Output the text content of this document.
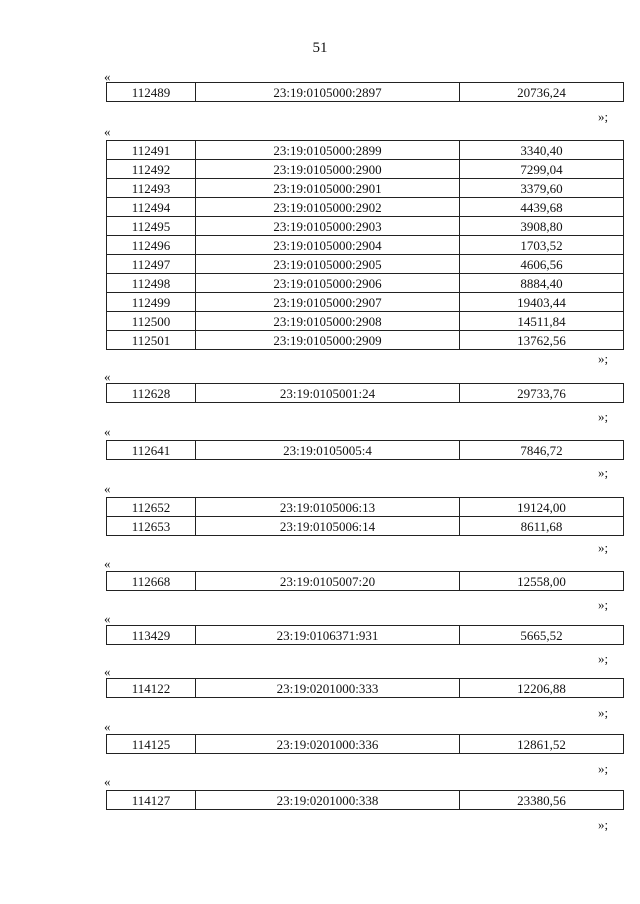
51
«
112489	23:19:0105000:2897	20736,24
»;
«
112491	23:19:0105000:2899	3340,40
112492	23:19:0105000:2900	7299,04
112493	23:19:0105000:2901	3379,60
112494	23:19:0105000:2902	4439,68
112495	23:19:0105000:2903	3908,80
112496	23:19:0105000:2904	1703,52
112497	23:19:0105000:2905	4606,56
112498	23:19:0105000:2906	8884,40
112499	23:19:0105000:2907	19403,44
112500	23:19:0105000:2908	14511,84
112501	23:19:0105000:2909	13762,56
»;
«
112628	23:19:0105001:24	29733,76
»;
«
112641	23:19:0105005:4	7846,72
»;
«
112652	23:19:0105006:13	19124,00
112653	23:19:0105006:14	8611,68
»;
«
112668	23:19:0105007:20	12558,00
»;
«
113429	23:19:0106371:931	5665,52
»;
«
114122	23:19:0201000:333	12206,88
»;
«
114125	23:19:0201000:336	12861,52
»;
«
114127	23:19:0201000:338	23380,56
»;
